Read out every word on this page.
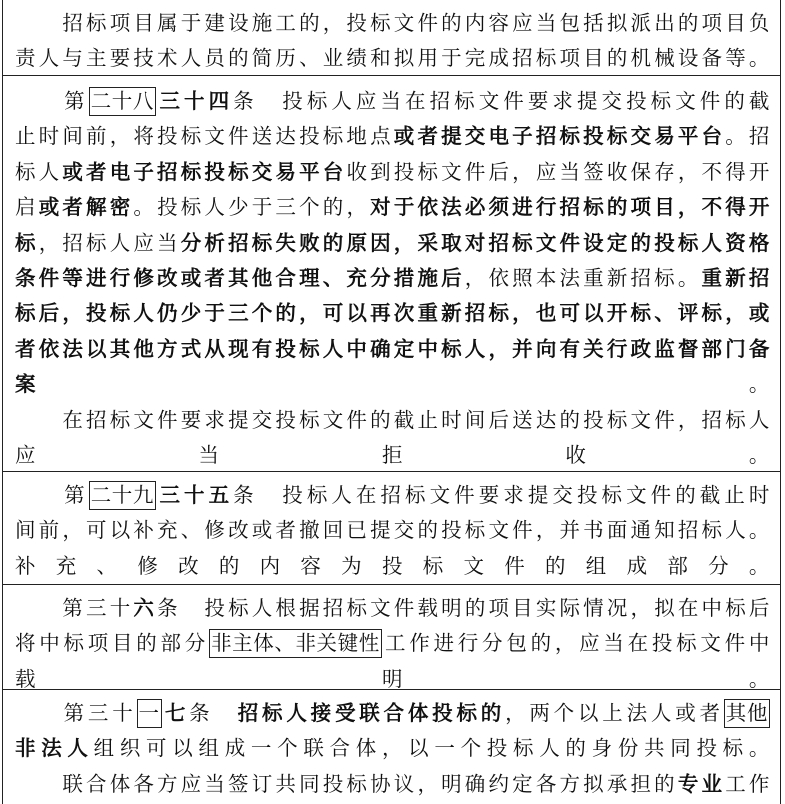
　　招标项目属于建设施工的，投标文件的内容应当包括拟派出的项目负
责人与主要技术人员的简历、业绩和拟用于完成招标项目的机械设备等。
　　第二十八三十四条　投标人应当在招标文件要求提交投标文件的截
止时间前，将投标文件送达投标地点或者提交电子招标投标交易平台。招
标人或者电子招标投标交易平台收到投标文件后，应当签收保存，不得开
启或者解密。投标人少于三个的，对于依法必须进行招标的项目，不得开
标，招标人应当分析招标失败的原因，采取对招标文件设定的投标人资格
条件等进行修改或者其他合理、充分措施后，依照本法重新招标。重新招
标后，投标人仍少于三个的，可以再次重新招标，也可以开标、评标，或
者依法以其他方式从现有投标人中确定中标人，并向有关行政监督部门备
案。
　　在招标文件要求提交投标文件的截止时间后送达的投标文件，招标人
应当拒收。
　　第二十九三十五条　投标人在招标文件要求提交投标文件的截止时
间前，可以补充、修改或者撤回已提交的投标文件，并书面通知招标人。
补充、修改的内容为投标文件的组成部分。
　　第三十六条　投标人根据招标文件载明的项目实际情况，拟在中标后
将中标项目的部分非主体、非关键性工作进行分包的，应当在投标文件中
载明。
　　第三十一七条　招标人接受联合体投标的，两个以上法人或者其他
非法人组织可以组成一个联合体，以一个投标人的身份共同投标。
　　联合体各方应当签订共同投标协议，明确约定各方拟承担的专业工作
